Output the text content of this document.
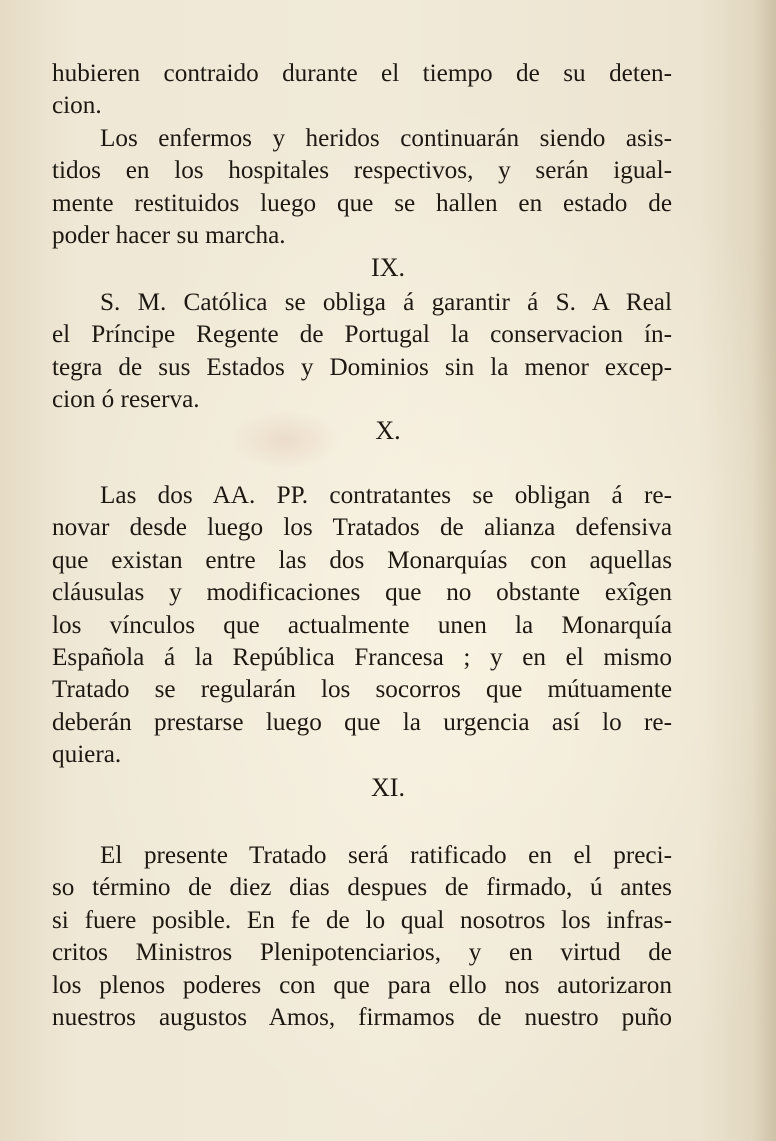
hubieren contraido durante el tiempo de su deten-
cion.
Los enfermos y heridos continuarán siendo asis-
tidos en los hospitales respectivos, y serán igual-
mente restituidos luego que se hallen en estado de
poder hacer su marcha.
IX.
S. M. Católica se obliga á garantir á S. A Real
el Príncipe Regente de Portugal la conservacion ín-
tegra de sus Estados y Dominios sin la menor excep-
cion ó reserva.
X.
Las dos AA. PP. contratantes se obligan á re-
novar desde luego los Tratados de alianza defensiva
que existan entre las dos Monarquías con aquellas
cláusulas y modificaciones que no obstante exîgen
los vínculos que actualmente unen la Monarquía
Española á la República Francesa ; y en el mismo
Tratado se regularán los socorros que mútuamente
deberán prestarse luego que la urgencia así lo re-
quiera.
XI.
El presente Tratado será ratificado en el preci-
so término de diez dias despues de firmado, ú antes
si fuere posible. En fe de lo qual nosotros los infras-
critos Ministros Plenipotenciarios, y en virtud de
los plenos poderes con que para ello nos autorizaron
nuestros augustos Amos, firmamos de nuestro puño
